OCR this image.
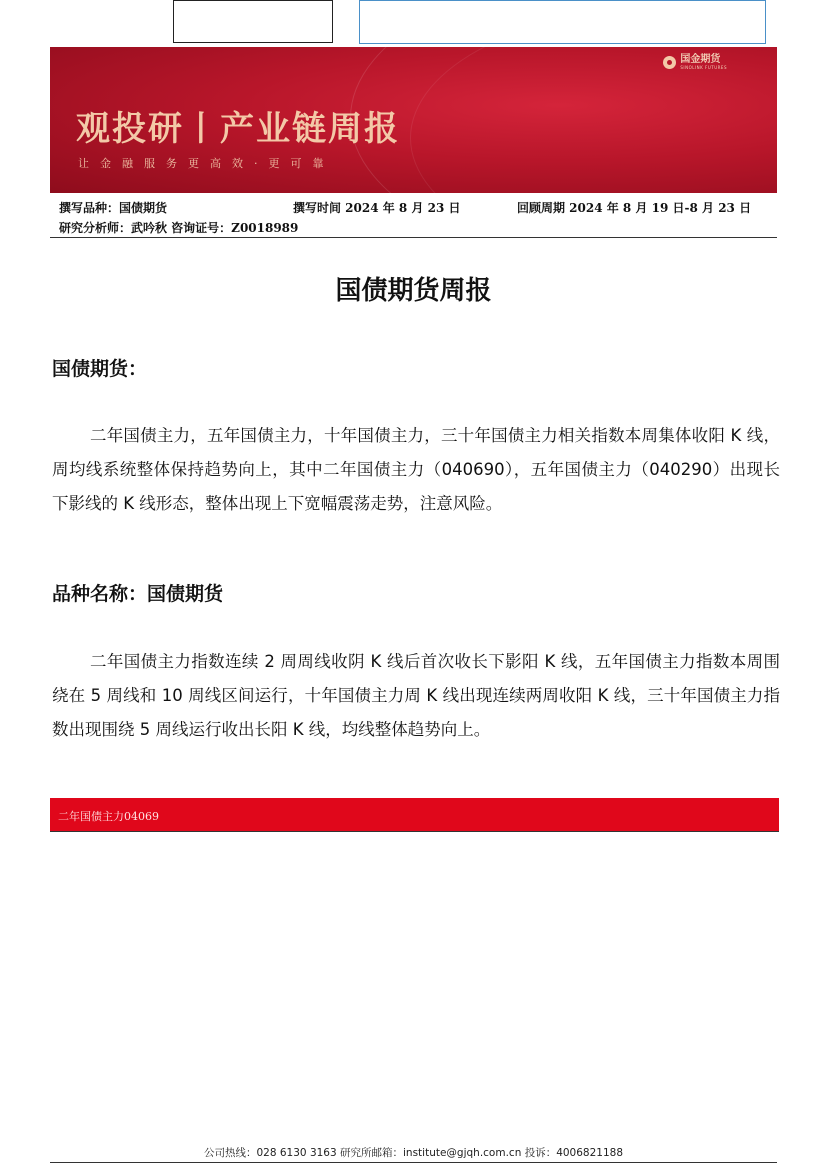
国金期货
SINOLINK FUTURES
观投研丨产业链周报
让金融服务更高效·更可靠
撰写品种：国债期货	撰写时间 2024 年 8 月 23 日	回顾周期 2024 年 8 月 19 日-8 月 23 日
研究分析师：武吟秋 咨询证号：Z0018989
国债期货周报
国债期货：
二年国债主力，五年国债主力，十年国债主力，三十年国债主力相关指数本周集体收阳 K 线，周均线系统整体保持趋势向上，其中二年国债主力（040690），五年国债主力（040290）出现长下影线的 K 线形态，整体出现上下宽幅震荡走势，注意风险。
品种名称：国债期货
二年国债主力指数连续 2 周周线收阴 K 线后首次收长下影阳 K 线，五年国债主力指数本周围绕在 5 周线和 10 周线区间运行，十年国债主力周 K 线出现连续两周收阳 K 线，三十年国债主力指数出现围绕 5 周线运行收出长阳 K 线，均线整体趋势向上。
二年国债主力04069
公司热线：028 6130 3163 研究所邮箱：institute@gjqh.com.cn 投诉：4006821188
